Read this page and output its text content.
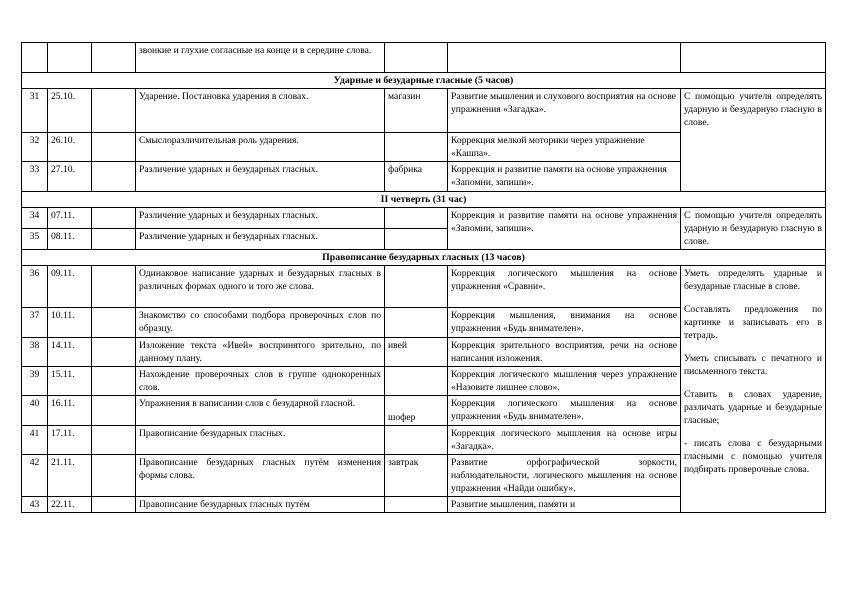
			звонкие и глухие согласные на конце и в середине слова.			
Ударные и безударные гласные (5 часов)						
31	25.10.		Ударение. Постановка ударения в словах.	магазин	Развитие мышления и слухового восприятия на основе упражнения «Загадка».	С помощью учителя определять ударную и безударную гласную в слове.
32	26.10.		Смыслоразличительная роль ударения.		Коррекция мелкой моторики через упражнение «Кашпа».	
33	27.10.		Различение ударных и безударных гласных.	фабрика	Коррекция и развитие памяти на основе упражнения «Запомни, запиши».	
II четверть (31 час)						
34	07.11.		Различение ударных и безударных гласных.		Коррекция и развитие памяти на основе упражнения «Запомни, запиши».	С помощью учителя определять ударную и безударную гласную в слове.
35	08.11.		Различение ударных и безударных гласных.			
Правописание безударных гласных (13 часов)						
36	09.11.		Одинаковое написание ударных и безударных гласных в различных формах одного и того же слова.		Коррекция логического мышления на основе упражнения «Сравни».	Уметь определять ударные и безударные гласные в слове.

Составлять предложения по картинке и записывать его в тетрадь.

Уметь списывать с печатного и письменного текста.

Ставить в словах ударение, различать ударные и безударные гласные;

- писать слова с безударными гласными с помощью учителя подбирать проверочные слова.

37	10.11.		Знакомство со способами подбора проверочных слов по образцу.		Коррекция мышления, внимания на основе упражнения «Будь внимателен».	
38	14.11.		Изложение текста «Ивей» воспринятого зрительно, по данному плану.	ивей	Коррекция зрительного восприятия, речи на основе написания изложения.	
39	15.11.		Нахождение проверочных слов в группе однокоренных слов.		Коррекция логического мышления через упражнение «Назовите лишнее слово».	
40	16.11.		Упражнения в написании слов с безударной гласной.	шофер	Коррекция логического мышления на основе упражнения «Будь внимателен».	
41	17.11.		Правописание безударных гласных.		Коррекция логического мышления на основе игры «Загадка».	
42	21.11.		Правописание безударных гласных путём изменения формы слова.	завтрак	Развитие орфографической зоркости, наблюдательности, логического мышления на основе упражнения «Найди ошибку».	
43	22.11.		Правописание безударных гласных путём		Развитие мышления, памяти и	
